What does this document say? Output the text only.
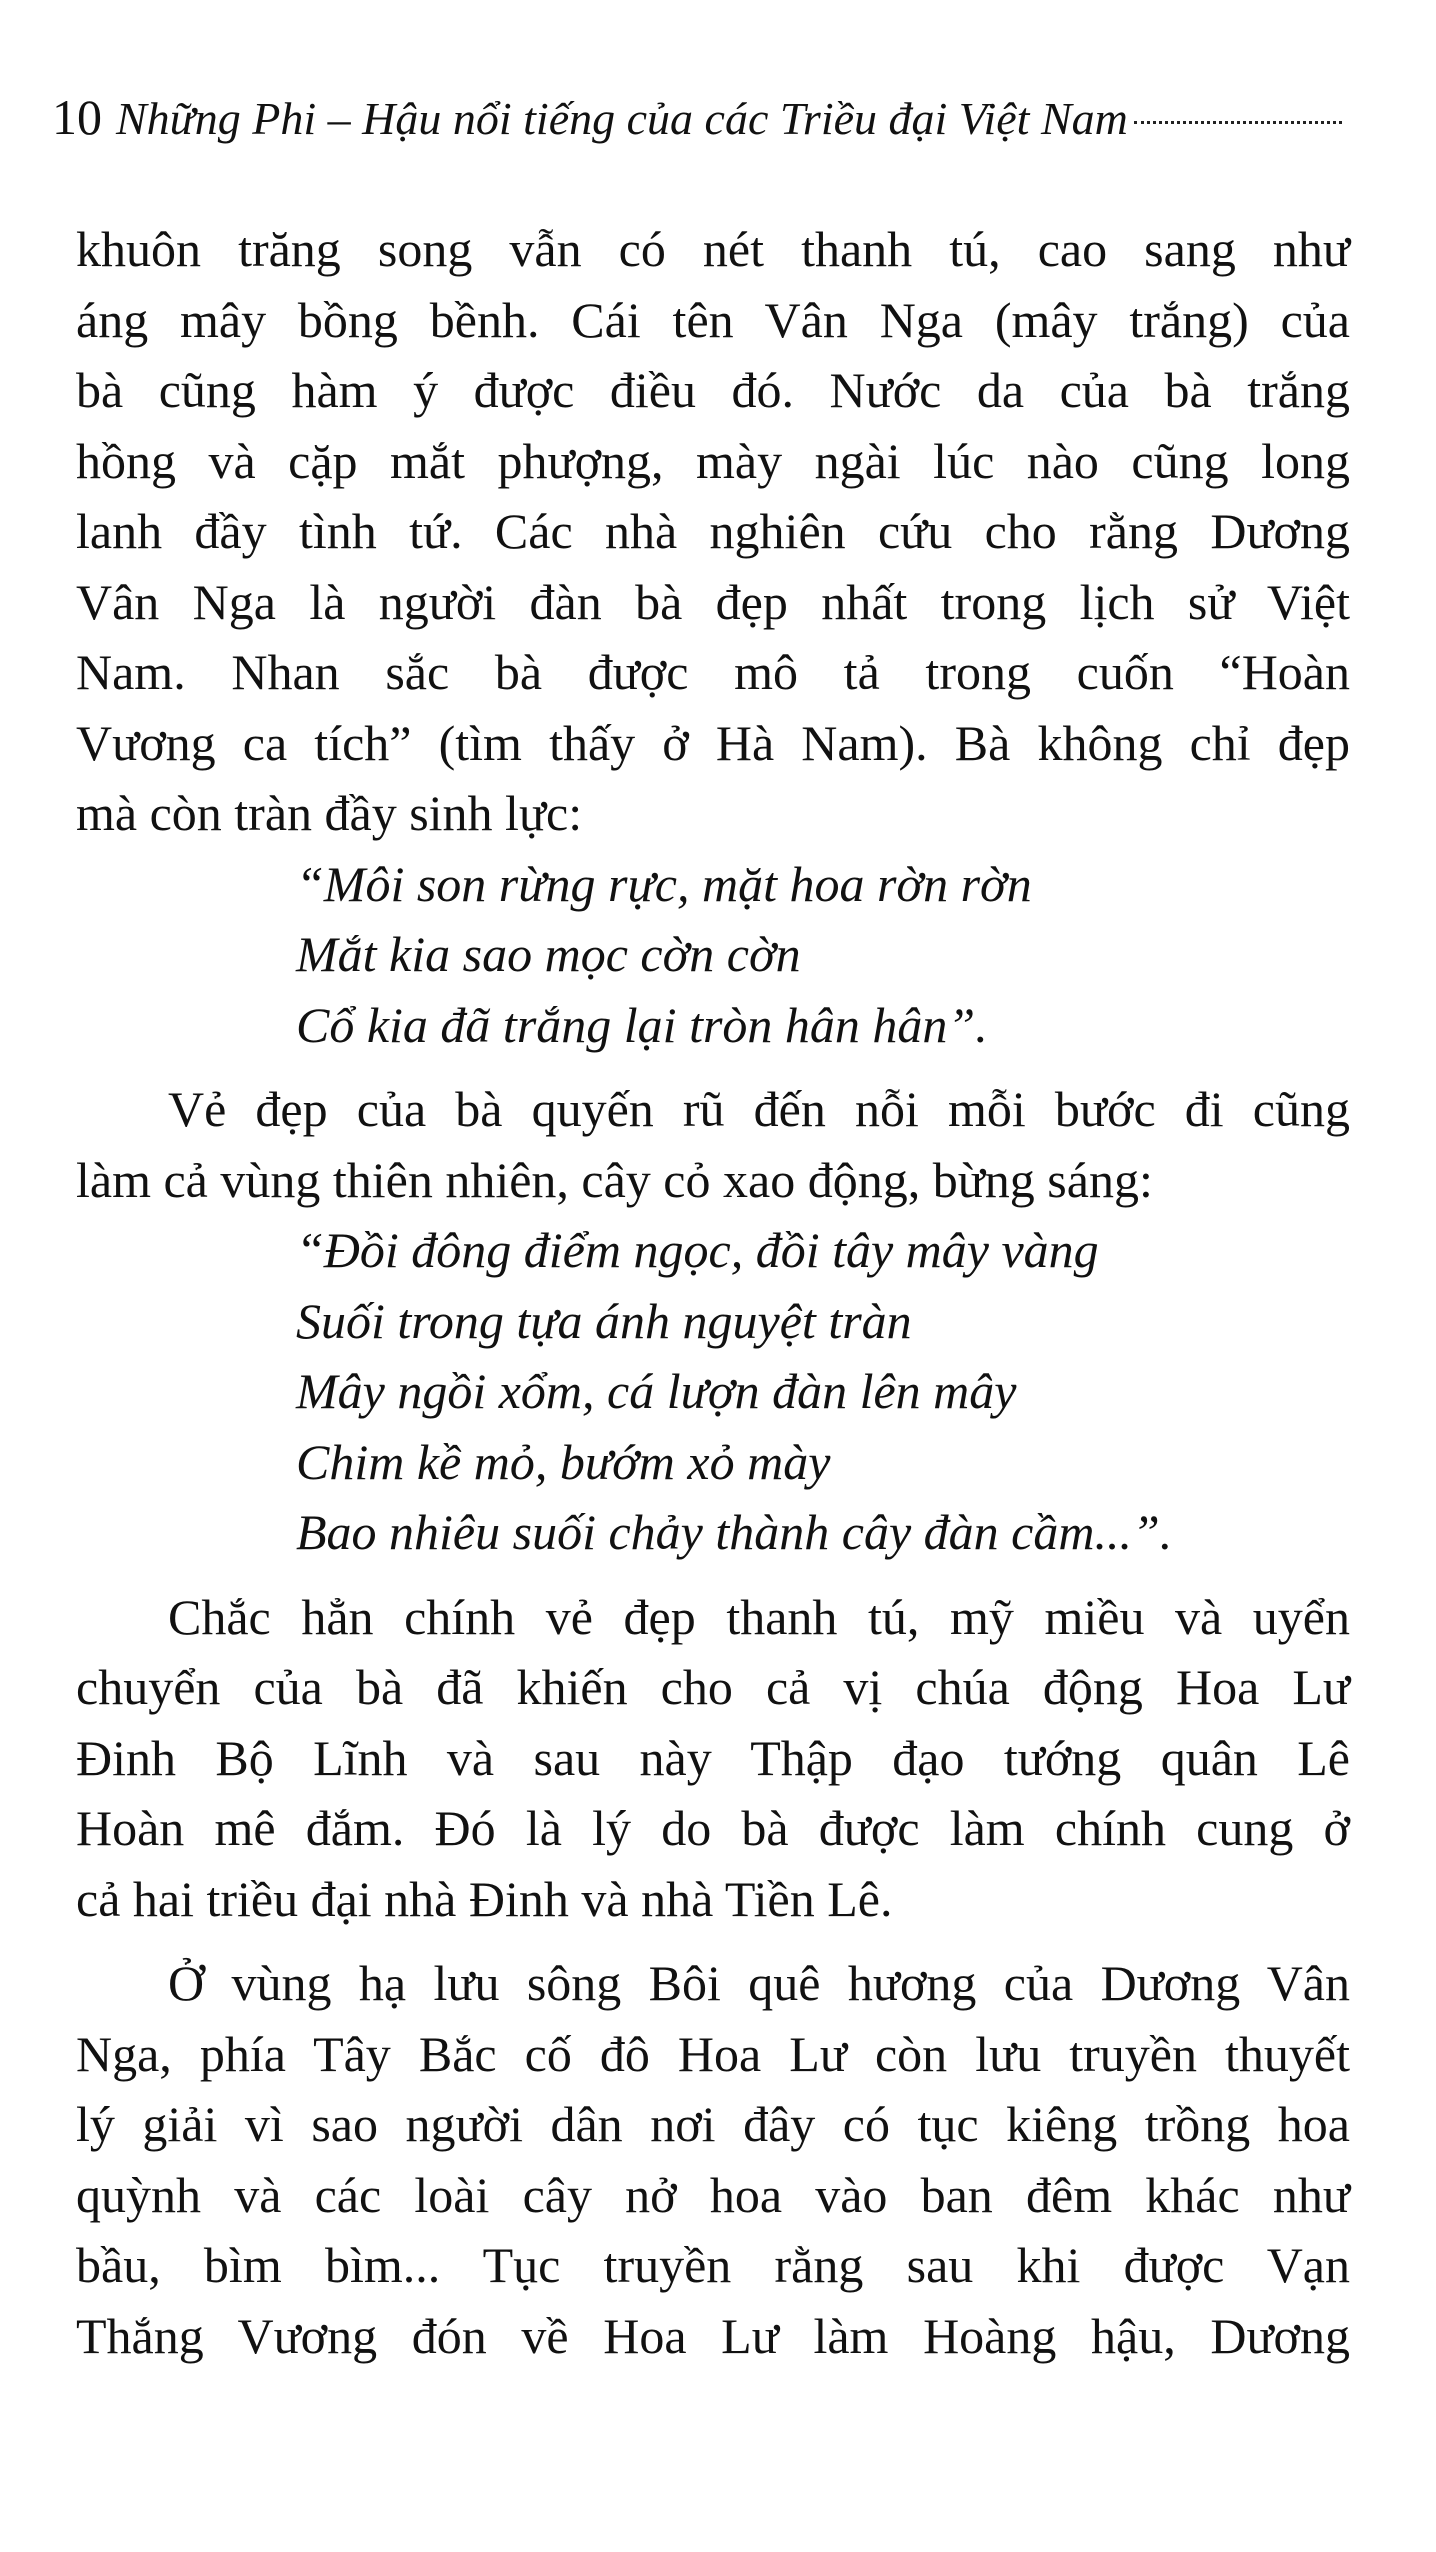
10 Những Phi – Hậu nổi tiếng của các Triều đại Việt Nam
khuôn trăng song vẫn có nét thanh tú, cao sang như
áng mây bồng bềnh. Cái tên Vân Nga (mây trắng) của
bà cũng hàm ý được điều đó. Nước da của bà trắng
hồng và cặp mắt phượng, mày ngài lúc nào cũng long
lanh đầy tình tứ. Các nhà nghiên cứu cho rằng Dương
Vân Nga là người đàn bà đẹp nhất trong lịch sử Việt
Nam. Nhan sắc bà được mô tả trong cuốn “Hoàn
Vương ca tích” (tìm thấy ở Hà Nam). Bà không chỉ đẹp
mà còn tràn đầy sinh lực:
“Môi son rừng rực, mặt hoa rờn rờn
Mắt kia sao mọc cờn cờn
Cổ kia đã trắng lại tròn hân hân”.
Vẻ đẹp của bà quyến rũ đến nỗi mỗi bước đi cũng
làm cả vùng thiên nhiên, cây cỏ xao động, bừng sáng:
“Đồi đông điểm ngọc, đồi tây mây vàng
Suối trong tựa ánh nguyệt tràn
Mây ngồi xổm, cá lượn đàn lên mây
Chim kề mỏ, bướm xỏ mày
Bao nhiêu suối chảy thành cây đàn cầm...”.
Chắc hẳn chính vẻ đẹp thanh tú, mỹ miều và uyển
chuyển của bà đã khiến cho cả vị chúa động Hoa Lư
Đinh Bộ Lĩnh và sau này Thập đạo tướng quân Lê
Hoàn mê đắm. Đó là lý do bà được làm chính cung ở
cả hai triều đại nhà Đinh và nhà Tiền Lê.
Ở vùng hạ lưu sông Bôi quê hương của Dương Vân
Nga, phía Tây Bắc cố đô Hoa Lư còn lưu truyền thuyết
lý giải vì sao người dân nơi đây có tục kiêng trồng hoa
quỳnh và các loài cây nở hoa vào ban đêm khác như
bầu, bìm bìm... Tục truyền rằng sau khi được Vạn
Thắng Vương đón về Hoa Lư làm Hoàng hậu, Dương
